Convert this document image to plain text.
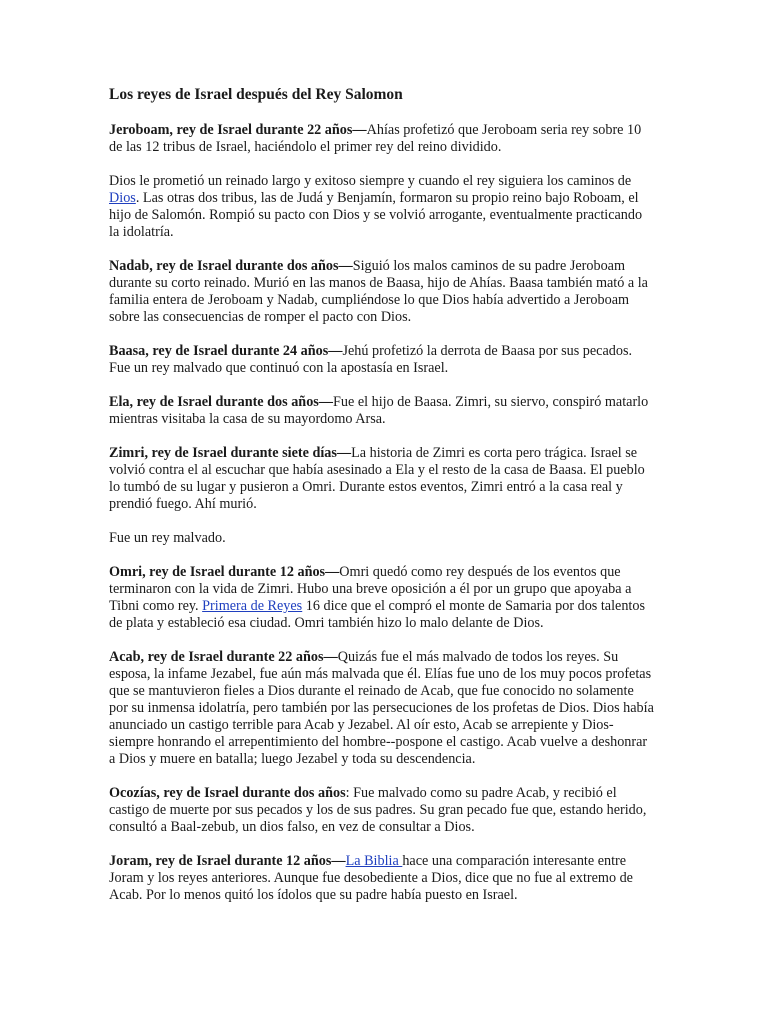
Los reyes de Israel después del Rey Salomon

Jeroboam, rey de Israel durante 22 años—Ahías profetizó que Jeroboam seria rey sobre 10 de las 12 tribus de Israel, haciéndolo el primer rey del reino dividido.

Dios le prometió un reinado largo y exitoso siempre y cuando el rey siguiera los caminos de Dios. Las otras dos tribus, las de Judá y Benjamín, formaron su propio reino bajo Roboam, el hijo de Salomón. Rompió su pacto con Dios y se volvió arrogante, eventualmente practicando la idolatría.

Nadab, rey de Israel durante dos años—Siguió los malos caminos de su padre Jeroboam durante su corto reinado. Murió en las manos de Baasa, hijo de Ahías. Baasa también mató a la familia entera de Jeroboam y Nadab, cumpliéndose lo que Dios había advertido a Jeroboam sobre las consecuencias de romper el pacto con Dios.

Baasa, rey de Israel durante 24 años—Jehú profetizó la derrota de Baasa por sus pecados. Fue un rey malvado que continuó con la apostasía en Israel.

Ela, rey de Israel durante dos años—Fue el hijo de Baasa. Zimri, su siervo, conspiró matarlo mientras visitaba la casa de su mayordomo Arsa.

Zimri, rey de Israel durante siete días—La historia de Zimri es corta pero trágica. Israel se volvió contra el al escuchar que había asesinado a Ela y el resto de la casa de Baasa. El pueblo lo tumbó de su lugar y pusieron a Omri. Durante estos eventos, Zimri entró a la casa real y prendió fuego. Ahí murió.

Fue un rey malvado.

Omri, rey de Israel durante 12 años—Omri quedó como rey después de los eventos que terminaron con la vida de Zimri. Hubo una breve oposición a él por un grupo que apoyaba a Tibni como rey. Primera de Reyes 16 dice que el compró el monte de Samaria por dos talentos de plata y estableció esa ciudad. Omri también hizo lo malo delante de Dios.

Acab, rey de Israel durante 22 años—Quizás fue el más malvado de todos los reyes. Su esposa, la infame Jezabel, fue aún más malvada que él. Elías fue uno de los muy pocos profetas que se mantuvieron fieles a Dios durante el reinado de Acab, que fue conocido no solamente por su inmensa idolatría, pero también por las persecuciones de los profetas de Dios. Dios había anunciado un castigo terrible para Acab y Jezabel. Al oír esto, Acab se arrepiente y Dios-siempre honrando el arrepentimiento del hombre--pospone el castigo. Acab vuelve a deshonrar a Dios y muere en batalla; luego Jezabel y toda su descendencia.

Ocozías, rey de Israel durante dos años: Fue malvado como su padre Acab, y recibió el castigo de muerte por sus pecados y los de sus padres. Su gran pecado fue que, estando herido, consultó a Baal-zebub, un dios falso, en vez de consultar a Dios.

Joram, rey de Israel durante 12 años—La Biblia hace una comparación interesante entre Joram y los reyes anteriores. Aunque fue desobediente a Dios, dice que no fue al extremo de Acab. Por lo menos quitó los ídolos que su padre había puesto en Israel.
